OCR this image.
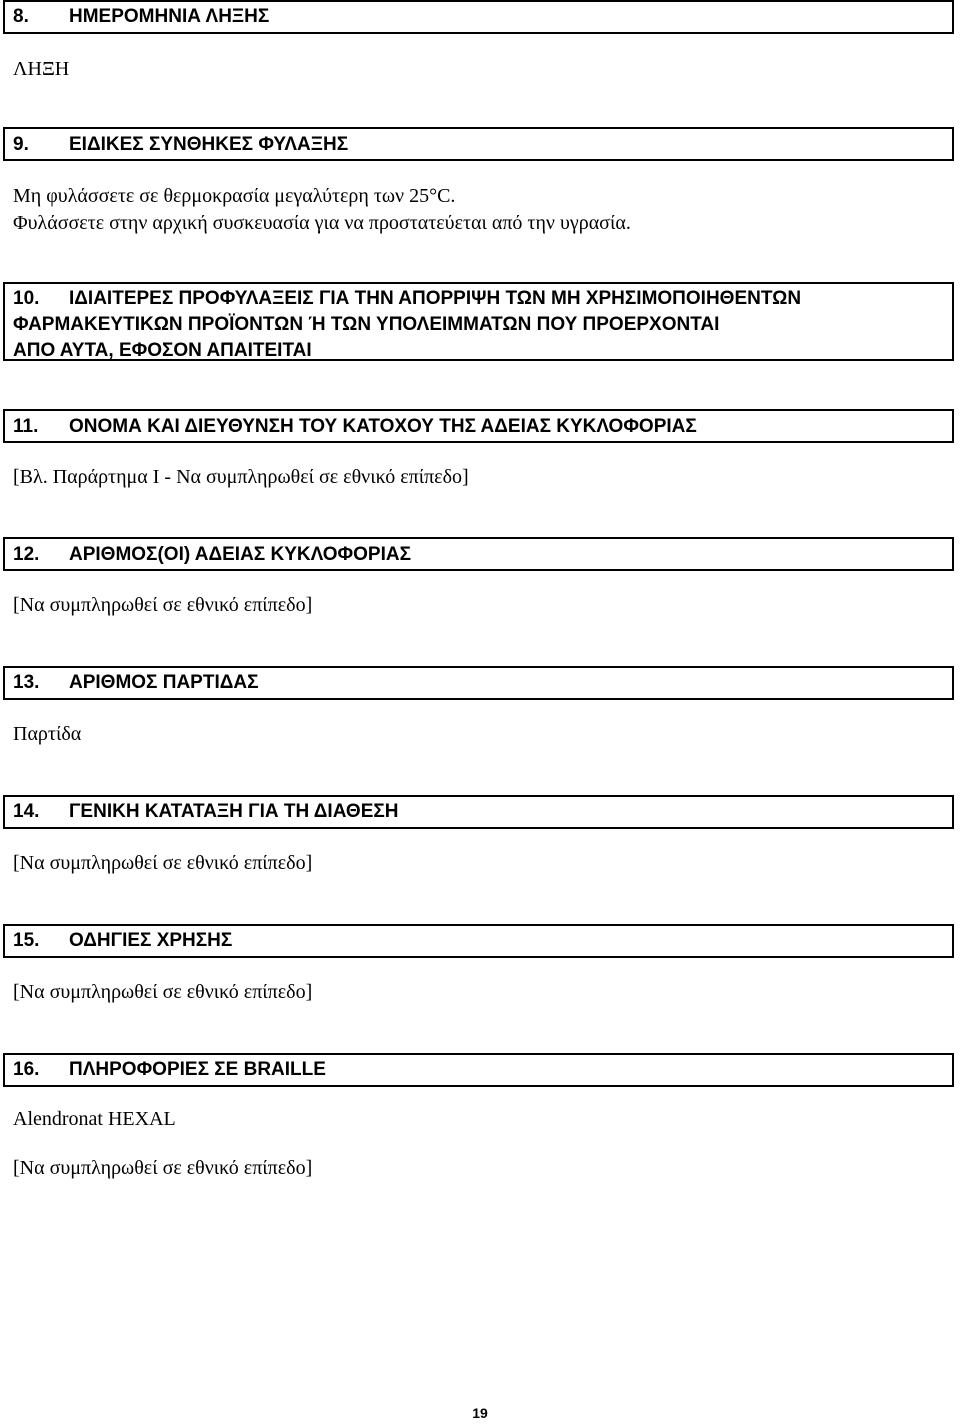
8. ΗΜΕΡΟΜΗΝΙΑ ΛΗΞΗΣ
ΛΗΞΗ
9. ΕΙΔΙΚΕΣ ΣΥΝΘΗΚΕΣ ΦΥΛΑΞΗΣ
Μη φυλάσσετε σε θερμοκρασία μεγαλύτερη των 25°C.
Φυλάσσετε στην αρχική συσκευασία για να προστατεύεται από την υγρασία.
10. ΙΔΙΑΙΤΕΡΕΣ ΠΡΟΦΥΛΑΞΕΙΣ ΓΙΑ ΤΗΝ ΑΠΟΡΡΙΨΗ ΤΩΝ ΜΗ ΧΡΗΣΙΜΟΠΟΙΗΘΕΝΤΩΝ
ΦΑΡΜΑΚΕΥΤΙΚΩΝ ΠΡΟΪΟΝΤΩΝ Ή ΤΩΝ ΥΠΟΛΕΙΜΜΑΤΩΝ ΠΟΥ ΠΡΟΕΡΧΟΝΤΑΙ
ΑΠΟ ΑΥΤΑ, ΕΦΟΣΟΝ ΑΠΑΙΤΕΙΤΑΙ
11. ΟΝΟΜΑ ΚΑΙ ΔΙΕΥΘΥΝΣΗ ΤΟΥ ΚΑΤΟΧΟΥ ΤΗΣ ΑΔΕΙΑΣ ΚΥΚΛΟΦΟΡΙΑΣ
[Βλ. Παράρτημα Ι - Να συμπληρωθεί σε εθνικό επίπεδο]
12. ΑΡΙΘΜΟΣ(ΟΙ) ΑΔΕΙΑΣ ΚΥΚΛΟΦΟΡΙΑΣ
[Να συμπληρωθεί σε εθνικό επίπεδο]
13. ΑΡΙΘΜΟΣ ΠΑΡΤΙΔΑΣ
Παρτίδα
14. ΓΕΝΙΚΗ ΚΑΤΑΤΑΞΗ ΓΙΑ ΤΗ ΔΙΑΘΕΣΗ
[Να συμπληρωθεί σε εθνικό επίπεδο]
15. ΟΔΗΓΙΕΣ ΧΡΗΣΗΣ
[Να συμπληρωθεί σε εθνικό επίπεδο]
16. ΠΛΗΡΟΦΟΡΙΕΣ ΣΕ BRAILLE
Alendronat HEXAL
[Να συμπληρωθεί σε εθνικό επίπεδο]
19
